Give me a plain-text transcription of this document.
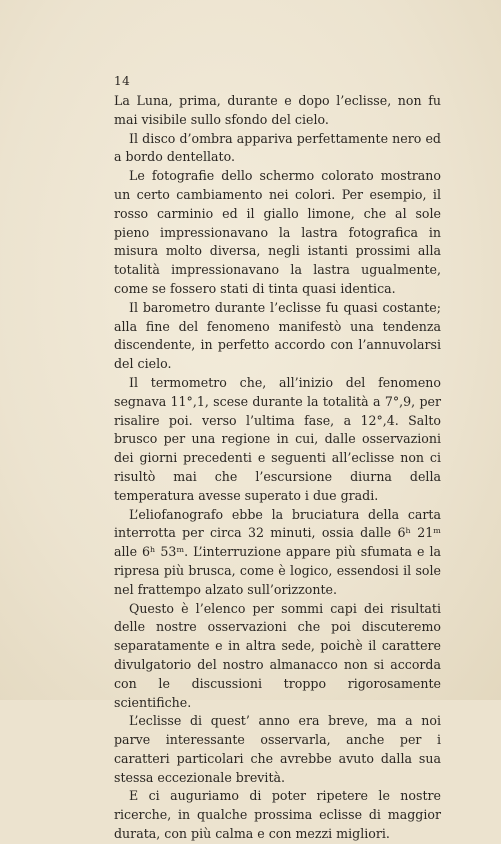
14

La Luna, prima, durante e dopo l’eclisse, non fu mai visibile sullo sfondo del cielo.

Il disco d’ombra appariva perfettamente nero ed a bordo dentellato.

Le fotografie dello schermo colorato mostrano un certo cambiamento nei colori. Per esempio, il rosso carminio ed il giallo limone, che al sole pieno impressionavano la lastra fotografica in misura molto diversa, negli istanti prossimi alla totalità impressionavano la lastra ugualmente, come se fossero stati di tinta quasi identica.

Il barometro durante l’eclisse fu quasi costante; alla fine del fenomeno manifestò una tendenza discendente, in perfetto accordo con l’annuvolarsi del cielo.

Il termometro che, all’inizio del fenomeno segnava 11°,1, scese durante la totalità a 7°,9, per risalire poi. verso l’ultima fase, a 12°,4. Salto brusco per una regione in cui, dalle osservazioni dei giorni precedenti e seguenti all’eclisse non ci risultò mai che l’escursione diurna della temperatura avesse superato i due gradi.

L’eliofanografo ebbe la bruciatura della carta interrotta per circa 32 minuti, ossia dalle 6ʰ 21ᵐ alle 6ʰ 53ᵐ. L’interruzione appare più sfumata e la ripresa più brusca, come è logico, essendosi il sole nel frattempo alzato sull’orizzonte.

Questo è l’elenco per sommi capi dei risultati delle nostre osservazioni che poi discuteremo separatamente e in altra sede, poichè il carattere divulgatorio del nostro almanacco non si accorda con le discussioni troppo rigorosamente scientifiche.

L’eclisse di quest’ anno era breve, ma a noi parve interessante osservarla, anche per i caratteri particolari che avrebbe avuto dalla sua stessa eccezionale brevità.

E ci auguriamo di poter ripetere le nostre ricerche, in qualche prossima eclisse di maggior durata, con più calma e con mezzi migliori.
